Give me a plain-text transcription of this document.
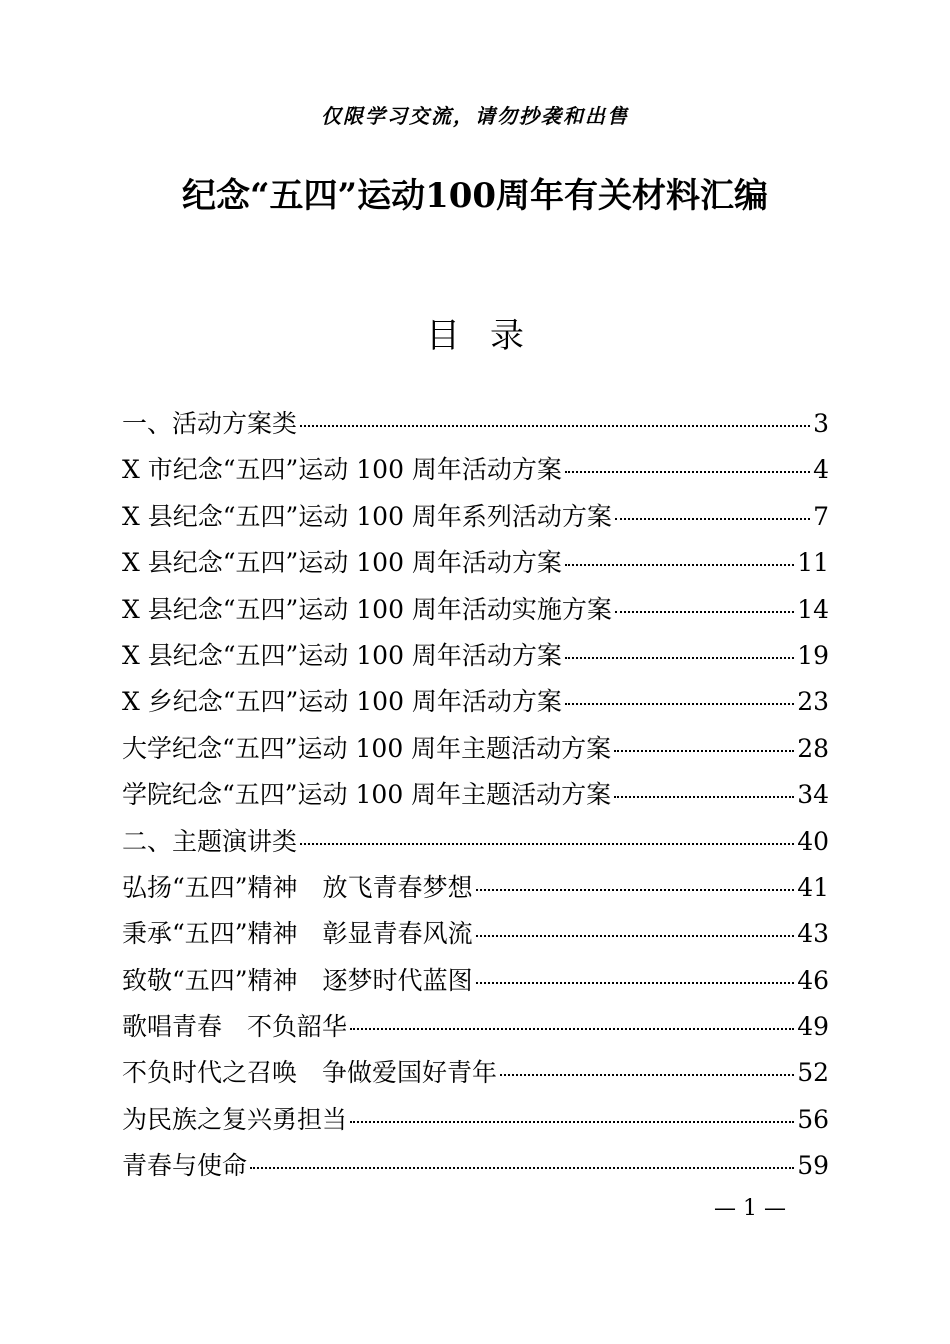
仅限学习交流，请勿抄袭和出售
纪念“五四”运动100周年有关材料汇编
目录
一、活动方案类	3
X 市纪念“五四”运动 100 周年活动方案	4
X 县纪念“五四”运动 100 周年系列活动方案	7
X 县纪念“五四”运动 100 周年活动方案	11
X 县纪念“五四”运动 100 周年活动实施方案	14
X 县纪念“五四”运动 100 周年活动方案	19
X 乡纪念“五四”运动 100 周年活动方案	23
大学纪念“五四”运动 100 周年主题活动方案	28
学院纪念“五四”运动 100 周年主题活动方案	34
二、主题演讲类	40
弘扬“五四”精神　放飞青春梦想	41
秉承“五四”精神　彰显青春风流	43
致敬“五四”精神　逐梦时代蓝图	46
歌唱青春　不负韶华	49
不负时代之召唤　争做爱国好青年	52
为民族之复兴勇担当	56
青春与使命	59
— 1 —
